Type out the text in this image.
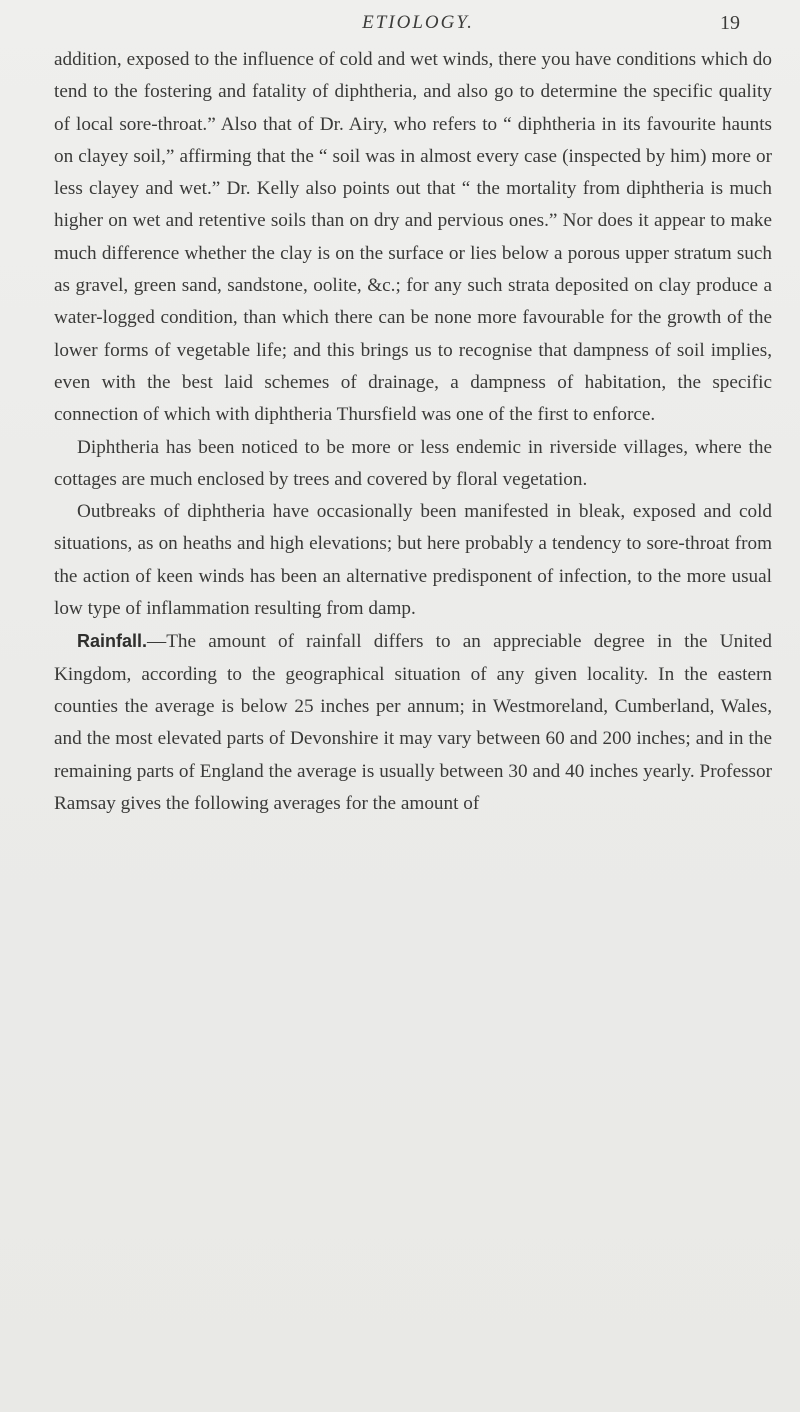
ETIOLOGY.	19

addition, exposed to the influence of cold and wet winds, there you have conditions which do tend to the fostering and fatality of diphtheria, and also go to determine the specific quality of local sore-throat.” Also that of Dr. Airy, who refers to “ diphtheria in its favourite haunts on clayey soil,” affirming that the “ soil was in almost every case (inspected by him) more or less clayey and wet.” Dr. Kelly also points out that “ the mortality from diphtheria is much higher on wet and retentive soils than on dry and pervious ones.” Nor does it appear to make much difference whether the clay is on the surface or lies below a porous upper stratum such as gravel, green sand, sandstone, oolite, &c.; for any such strata deposited on clay produce a water-logged condition, than which there can be none more favourable for the growth of the lower forms of vegetable life; and this brings us to recognise that dampness of soil implies, even with the best laid schemes of drainage, a dampness of habitation, the specific connection of which with diphtheria Thursfield was one of the first to enforce.

Diphtheria has been noticed to be more or less endemic in riverside villages, where the cottages are much enclosed by trees and covered by floral vegetation.

Outbreaks of diphtheria have occasionally been manifested in bleak, exposed and cold situations, as on heaths and high elevations; but here probably a tendency to sore-throat from the action of keen winds has been an alternative predisponent of infection, to the more usual low type of inflammation resulting from damp.

Rainfall.—The amount of rainfall differs to an appreciable degree in the United Kingdom, according to the geographical situation of any given locality. In the eastern counties the average is below 25 inches per annum; in Westmoreland, Cumberland, Wales, and the most elevated parts of Devonshire it may vary between 60 and 200 inches; and in the remaining parts of England the average is usually between 30 and 40 inches yearly. Professor Ramsay gives the following averages for the amount of
